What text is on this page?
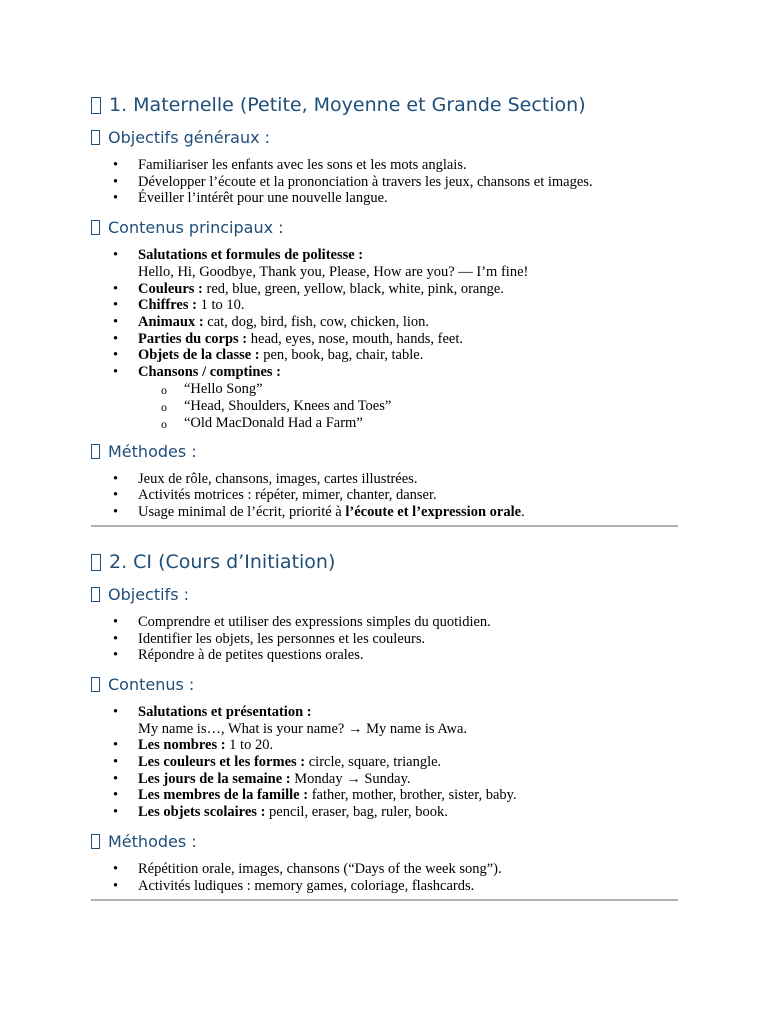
1. Maternelle (Petite, Moyenne et Grande Section)
Objectifs généraux :
• Familiariser les enfants avec les sons et les mots anglais.
• Développer l’écoute et la prononciation à travers les jeux, chansons et images.
• Éveiller l’intérêt pour une nouvelle langue.
Contenus principaux :
• Salutations et formules de politesse :
Hello, Hi, Goodbye, Thank you, Please, How are you? — I’m fine!
• Couleurs : red, blue, green, yellow, black, white, pink, orange.
• Chiffres : 1 to 10.
• Animaux : cat, dog, bird, fish, cow, chicken, lion.
• Parties du corps : head, eyes, nose, mouth, hands, feet.
• Objets de la classe : pen, book, bag, chair, table.
• Chansons / comptines :
o “Hello Song”
o “Head, Shoulders, Knees and Toes”
o “Old MacDonald Had a Farm”
Méthodes :
• Jeux de rôle, chansons, images, cartes illustrées.
• Activités motrices : répéter, mimer, chanter, danser.
• Usage minimal de l’écrit, priorité à l’écoute et l’expression orale.
2. CI (Cours d’Initiation)
Objectifs :
• Comprendre et utiliser des expressions simples du quotidien.
• Identifier les objets, les personnes et les couleurs.
• Répondre à de petites questions orales.
Contenus :
• Salutations et présentation :
My name is…, What is your name? → My name is Awa.
• Les nombres : 1 to 20.
• Les couleurs et les formes : circle, square, triangle.
• Les jours de la semaine : Monday → Sunday.
• Les membres de la famille : father, mother, brother, sister, baby.
• Les objets scolaires : pencil, eraser, bag, ruler, book.
Méthodes :
• Répétition orale, images, chansons (“Days of the week song”).
• Activités ludiques : memory games, coloriage, flashcards.
